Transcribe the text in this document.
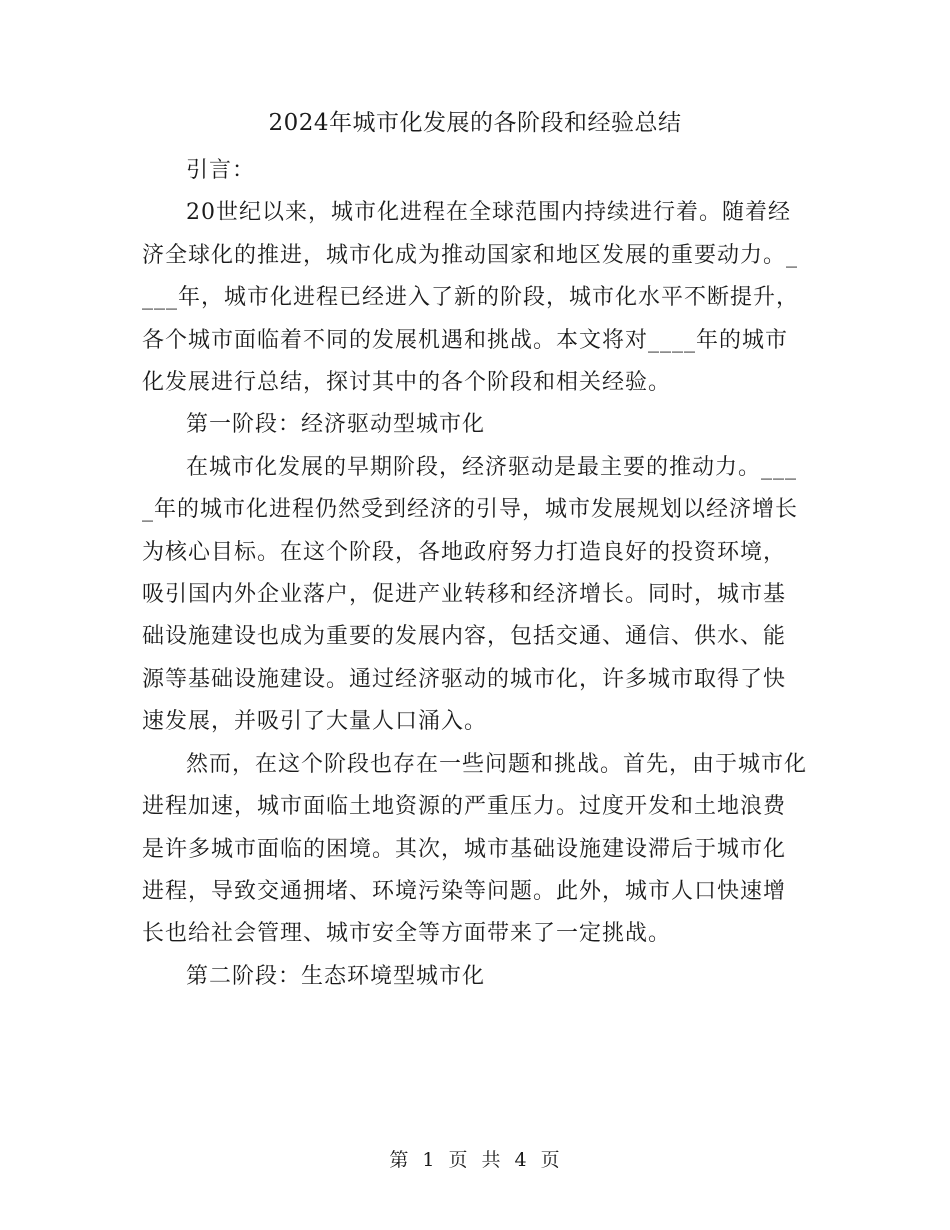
2024年城市化发展的各阶段和经验总结

引言：

20世纪以来，城市化进程在全球范围内持续进行着。随着经济全球化的推进，城市化成为推动国家和地区发展的重要动力。____年，城市化进程已经进入了新的阶段，城市化水平不断提升，各个城市面临着不同的发展机遇和挑战。本文将对____年的城市化发展进行总结，探讨其中的各个阶段和相关经验。

第一阶段：经济驱动型城市化

在城市化发展的早期阶段，经济驱动是最主要的推动力。____年的城市化进程仍然受到经济的引导，城市发展规划以经济增长为核心目标。在这个阶段，各地政府努力打造良好的投资环境，吸引国内外企业落户，促进产业转移和经济增长。同时，城市基础设施建设也成为重要的发展内容，包括交通、通信、供水、能源等基础设施建设。通过经济驱动的城市化，许多城市取得了快速发展，并吸引了大量人口涌入。

然而，在这个阶段也存在一些问题和挑战。首先，由于城市化进程加速，城市面临土地资源的严重压力。过度开发和土地浪费是许多城市面临的困境。其次，城市基础设施建设滞后于城市化进程，导致交通拥堵、环境污染等问题。此外，城市人口快速增长也给社会管理、城市安全等方面带来了一定挑战。

第二阶段：生态环境型城市化

第 1 页 共 4 页
